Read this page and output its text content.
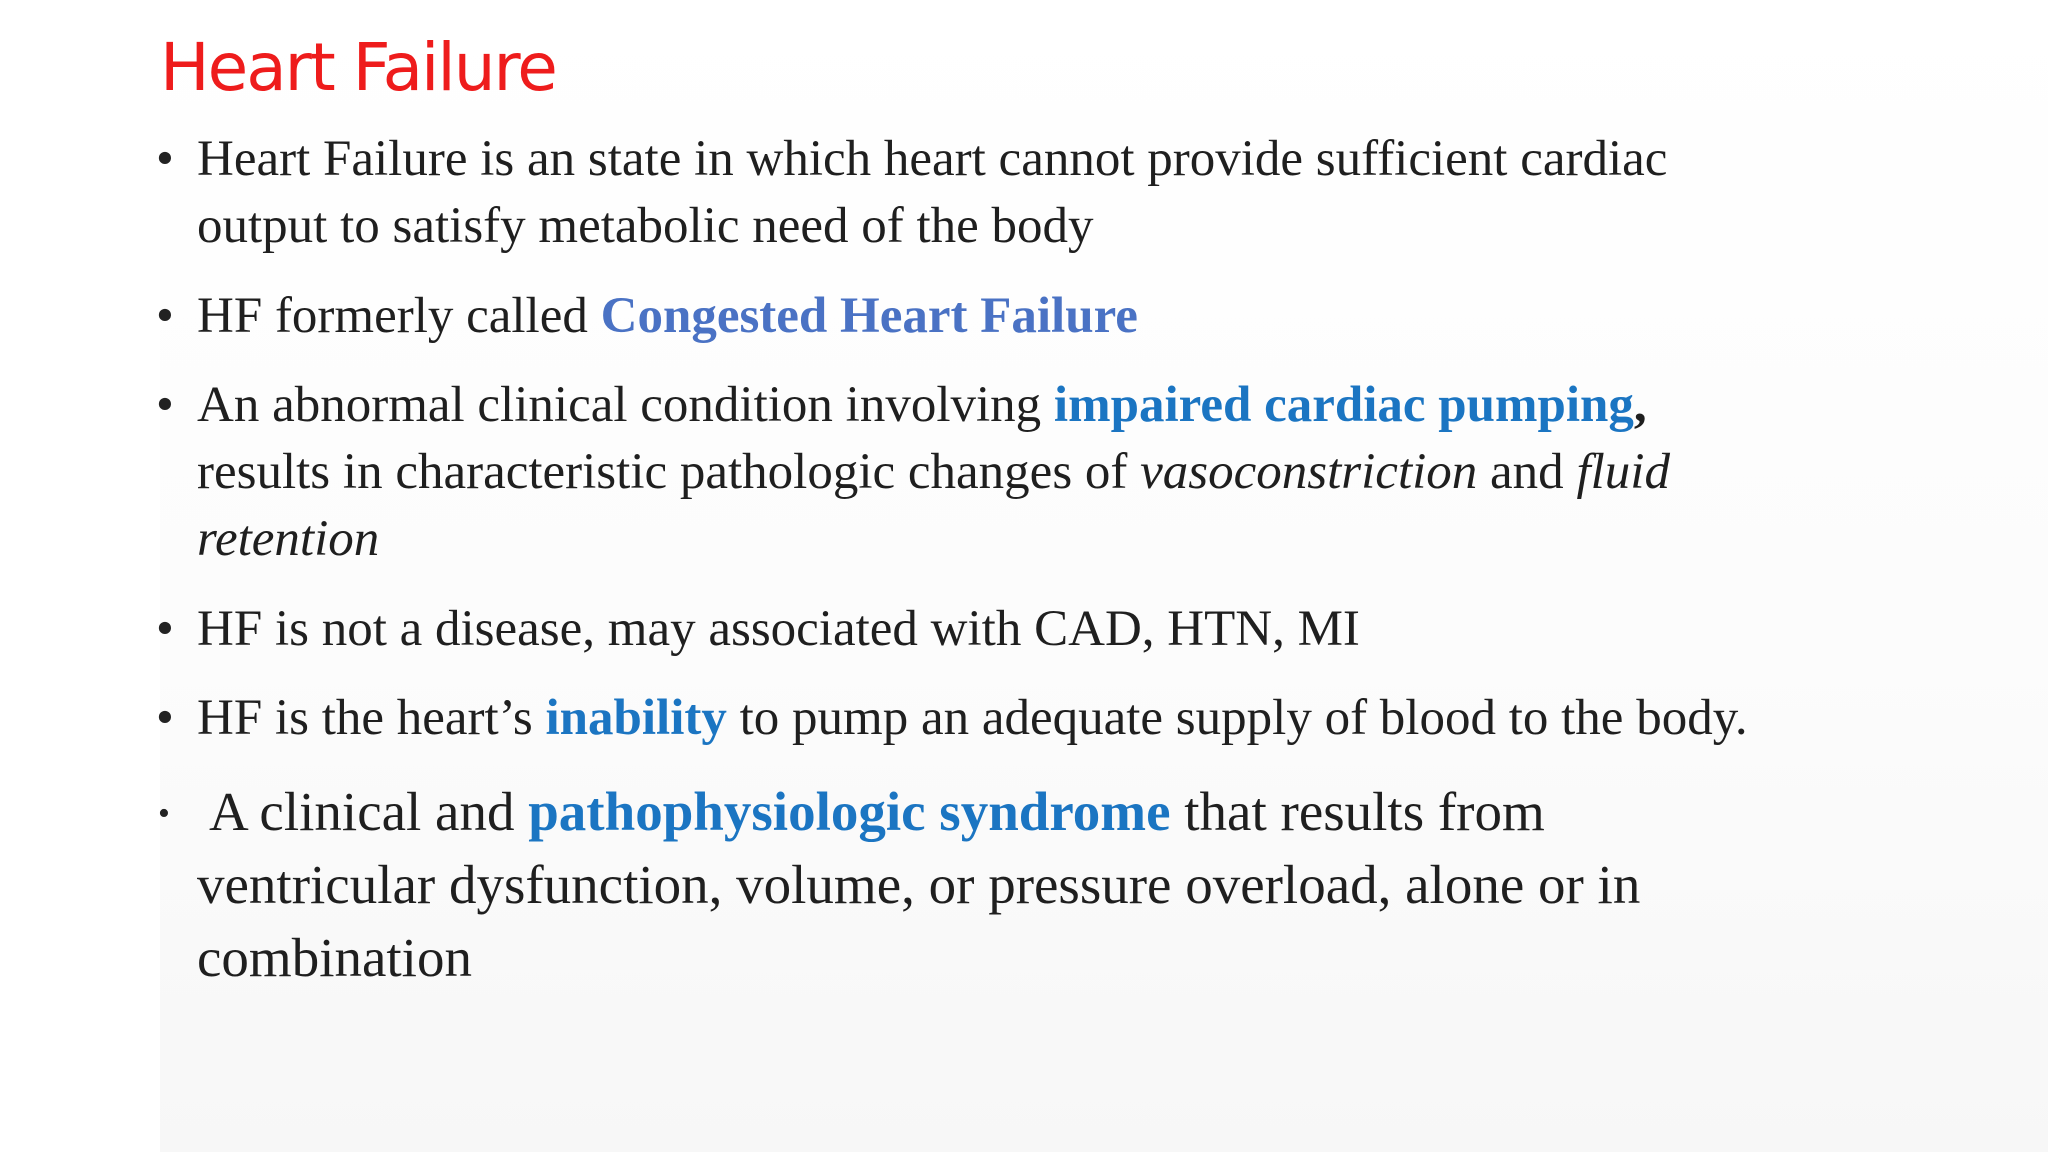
Heart Failure
• Heart Failure is an state in which heart cannot provide sufficient cardiac
output to satisfy metabolic need of the body
• HF formerly called Congested Heart Failure
• An abnormal clinical condition involving impaired cardiac pumping,
results in characteristic pathologic changes of vasoconstriction and fluid
retention
• HF is not a disease, may associated with CAD, HTN, MI
• HF is the heart’s inability to pump an adequate supply of blood to the body.
• A clinical and pathophysiologic syndrome that results from
ventricular dysfunction, volume, or pressure overload, alone or in
combination
